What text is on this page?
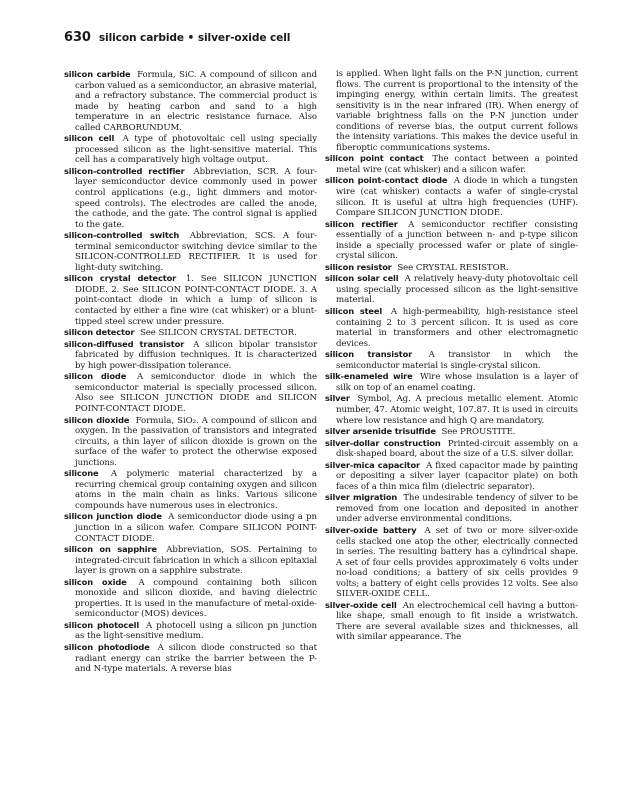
630 silicon carbide • silver-oxide cell

silicon carbide Formula, SiC. A compound of silicon and carbon valued as a semiconductor, an abrasive material, and a refractory substance. The commercial product is made by heating carbon and sand to a high temperature in an electric resistance furnace. Also called CARBORUNDUM.

silicon cell A type of photovoltaic cell using specially processed silicon as the light-sensitive material. This cell has a comparatively high voltage output.

silicon-controlled rectifier Abbreviation, SCR. A four-layer semiconductor device commonly used in power control applications (e.g., light dimmers and motor-speed controls). The electrodes are called the anode, the cathode, and the gate. The control signal is applied to the gate.

silicon-controlled switch Abbreviation, SCS. A four-terminal semiconductor switching device similar to the SILICON-CONTROLLED RECTIFIER. It is used for light-duty switching.

silicon crystal detector 1. See SILICON JUNCTION DIODE. 2. See SILICON POINT-CONTACT DIODE. 3. A point-contact diode in which a lump of silicon is contacted by either a fine wire (cat whisker) or a blunt-tipped steel screw under pressure.

silicon detector See SILICON CRYSTAL DETECTOR.

silicon-diffused transistor A silicon bipolar transistor fabricated by diffusion techniques. It is characterized by high power-dissipation tolerance.

silicon diode A semiconductor diode in which the semiconductor material is specially processed silicon. Also see SILICON JUNCTION DIODE and SILICON POINT-CONTACT DIODE.

silicon dioxide Formula, SiO₂. A compound of silicon and oxygen. In the passivation of transistors and integrated circuits, a thin layer of silicon dioxide is grown on the surface of the wafer to protect the otherwise exposed junctions.

silicone A polymeric material characterized by a recurring chemical group containing oxygen and silicon atoms in the main chain as links. Various silicone compounds have numerous uses in electronics.

silicon junction diode A semiconductor diode using a pn junction in a silicon wafer. Compare SILICON POINT-CONTACT DIODE.

silicon on sapphire Abbreviation, SOS. Pertaining to integrated-circuit fabrication in which a silicon epitaxial layer is grown on a sapphire substrate.

silicon oxide A compound containing both silicon monoxide and silicon dioxide, and having dielectric properties. It is used in the manufacture of metal-oxide-semiconductor (MOS) devices.

silicon photocell A photocell using a silicon pn junction as the light-sensitive medium.

silicon photodiode A silicon diode constructed so that radiant energy can strike the barrier between the P- and N-type materials. A reverse bias

is applied. When light falls on the P-N junction, current flows. The current is proportional to the intensity of the impinging energy, within certain limits. The greatest sensitivity is in the near infrared (IR). When energy of variable brightness falls on the P-N junction under conditions of reverse bias, the output current follows the intensity variations. This makes the device useful in fiberoptic communications systems.

silicon point contact The contact between a pointed metal wire (cat whisker) and a silicon wafer.

silicon point-contact diode A diode in which a tungsten wire (cat whisker) contacts a wafer of single-crystal silicon. It is useful at ultra high frequencies (UHF). Compare SILICON JUNCTION DIODE.

silicon rectifier A semiconductor rectifier consisting essentially of a junction between n- and p-type silicon inside a specially processed wafer or plate of single-crystal silicon.

silicon resistor See CRYSTAL RESISTOR.

silicon solar cell A relatively heavy-duty photovoltaic cell using specially processed silicon as the light-sensitive material.

silicon steel A high-permeability, high-resistance steel containing 2 to 3 percent silicon. It is used as core material in transformers and other electromagnetic devices.

silicon transistor A transistor in which the semiconductor material is single-crystal silicon.

silk-enameled wire Wire whose insulation is a layer of silk on top of an enamel coating.

silver Symbol, Ag. A precious metallic element. Atomic number, 47. Atomic weight, 107.87. It is used in circuits where low resistance and high Q are mandatory.

silver arsenide trisulfide See PROUSTITE.

silver-dollar construction Printed-circuit assembly on a disk-shaped board, about the size of a U.S. silver dollar.

silver-mica capacitor A fixed capacitor made by painting or depositing a silver layer (capacitor plate) on both faces of a thin mica film (dielectric separator).

silver migration The undesirable tendency of silver to be removed from one location and deposited in another under adverse environmental conditions.

silver-oxide battery A set of two or more silver-oxide cells stacked one atop the other, electrically connected in series. The resulting battery has a cylindrical shape. A set of four cells provides approximately 6 volts under no-load conditions; a battery of six cells provides 9 volts; a battery of eight cells provides 12 volts. See also SILVER-OXIDE CELL.

silver-oxide cell An electrochemical cell having a button-like shape, small enough to fit inside a wristwatch. There are several available sizes and thicknesses, all with similar appearance. The
